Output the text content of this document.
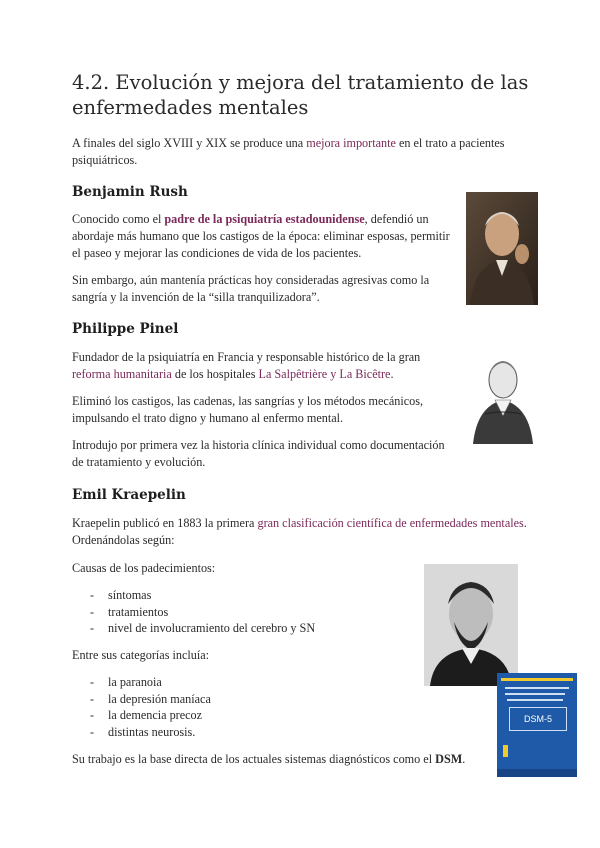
4.2. Evolución y mejora del tratamiento de las enfermedades mentales

A finales del siglo XVIII y XIX se produce una mejora importante en el trato a pacientes psiquiátricos.

Benjamin Rush

Conocido como el padre de la psiquiatría estadounidense, defendió un abordaje más humano que los castigos de la época: eliminar esposas, permitir el paseo y mejorar las condiciones de vida de los pacientes.

Sin embargo, aún mantenía prácticas hoy consideradas agresivas como la sangría y la invención de la “silla tranquilizadora”.

Philippe Pinel

Fundador de la psiquiatría en Francia y responsable histórico de la gran reforma humanitaria de los hospitales La Salpêtrière y La Bicêtre.

Eliminó los castigos, las cadenas, las sangrías y los métodos mecánicos, impulsando el trato digno y humano al enfermo mental.

Introdujo por primera vez la historia clínica individual como documentación de tratamiento y evolución.

Emil Kraepelin

Kraepelin publicó en 1883 la primera gran clasificación científica de enfermedades mentales. Ordenándolas según:

Causas de los padecimientos:

- síntomas
- tratamientos
- nivel de involucramiento del cerebro y SN

Entre sus categorías incluía:

- la paranoia
- la depresión maníaca
- la demencia precoz
- distintas neurosis.

Su trabajo es la base directa de los actuales sistemas diagnósticos como el DSM.

DSM-5
